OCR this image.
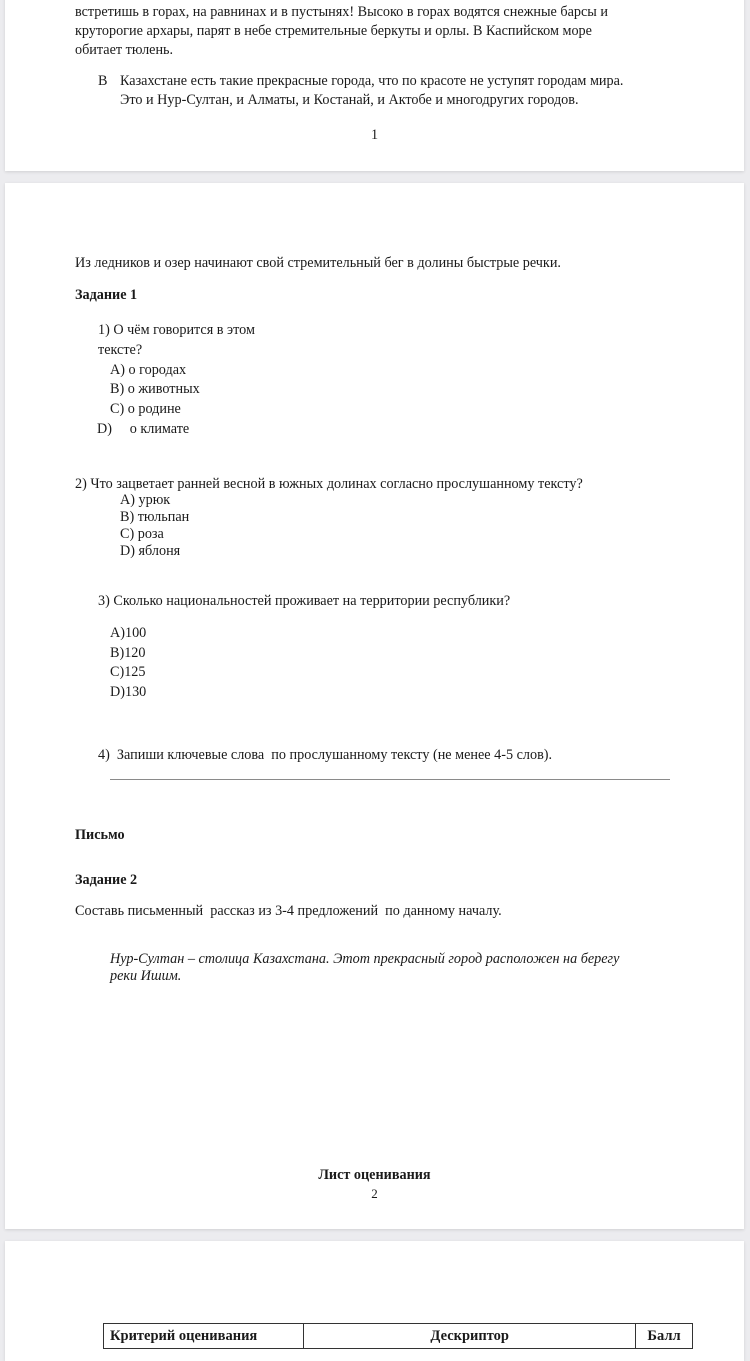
встретишь в горах, на равнинах и в пустынях! Высоко в горах водятся снежные барсы и
круторогие архары, парят в небе стремительные беркуты и орлы. В Каспийском море
обитает тюлень.
В Казахстане есть такие прекрасные города, что по красоте не уступят городам мира.
Это и Нур-Султан, и Алматы, и Костанай, и Актобе и многодругих городов.
1
Из ледников и озер начинают свой стремительный бег в долины быстрые речки.
Задание 1
1) О чём говорится в этом
тексте?
A) о городах
B) о животных
C) о родине
D)     о климате
2) Что зацветает ранней весной в южных долинах согласно прослушанному тексту?
A) урюк
B) тюльпан
C) роза
D) яблоня
3) Сколько национальностей проживает на территории республики?
A)100
B)120
C)125
D)130
4)  Запиши ключевые слова  по прослушанному тексту (не менее 4-5 слов).
Письмо
Задание 2
Составь письменный  рассказ из 3-4 предложений  по данному началу.
Нур-Султан – столица Казахстана. Этот прекрасный город расположен на берегу
реки Ишим.
Лист оценивания
2
Критерий оценивания	Дескриптор	Балл
